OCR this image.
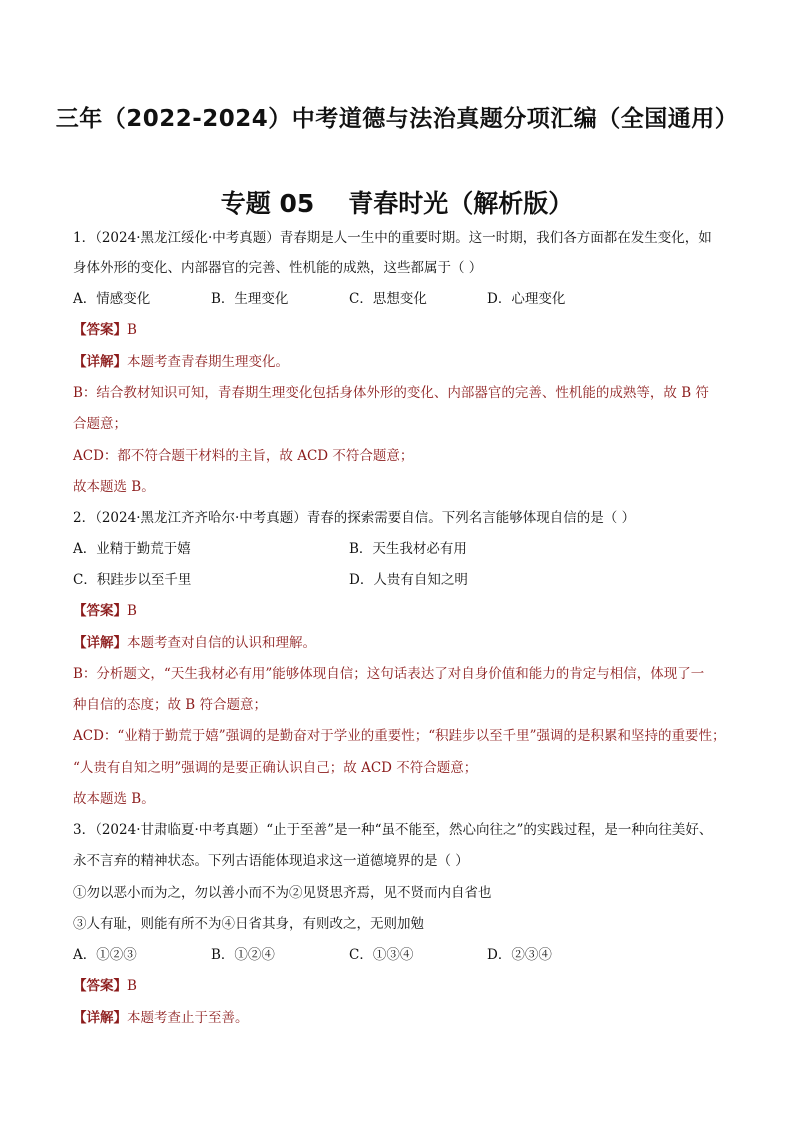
三年（2022-2024）中考道德与法治真题分项汇编（全国通用）
专题 05 青春时光（解析版）
1．（2024·黑龙江绥化·中考真题）青春期是人一生中的重要时期。这一时期，我们各方面都在发生变化，如
身体外形的变化、内部器官的完善、性机能的成熟，这些都属于（ ）
A．情感变化	B．生理变化	C．思想变化	D．心理变化
【答案】B
【详解】本题考查青春期生理变化。
B：结合教材知识可知，青春期生理变化包括身体外形的变化、内部器官的完善、性机能的成熟等，故 B 符
合题意；
ACD：都不符合题干材料的主旨，故 ACD 不符合题意；
故本题选 B。
2．（2024·黑龙江齐齐哈尔·中考真题）青春的探索需要自信。下列名言能够体现自信的是（ ）
A．业精于勤荒于嬉	B．天生我材必有用
C．积跬步以至千里	D．人贵有自知之明
【答案】B
【详解】本题考查对自信的认识和理解。
B：分析题文，“天生我材必有用”能够体现自信；这句话表达了对自身价值和能力的肯定与相信，体现了一
种自信的态度；故 B 符合题意；
ACD：“业精于勤荒于嬉”强调的是勤奋对于学业的重要性；“积跬步以至千里”强调的是积累和坚持的重要性；
“人贵有自知之明”强调的是要正确认识自己；故 ACD 不符合题意；
故本题选 B。
3．（2024·甘肃临夏·中考真题）“止于至善”是一种“虽不能至，然心向往之”的实践过程，是一种向往美好、
永不言弃的精神状态。下列古语能体现追求这一道德境界的是（ ）
①勿以恶小而为之，勿以善小而不为②见贤思齐焉，见不贤而内自省也
③人有耻，则能有所不为④日省其身，有则改之，无则加勉
A．①②③	B．①②④	C．①③④	D．②③④
【答案】B
【详解】本题考查止于至善。
